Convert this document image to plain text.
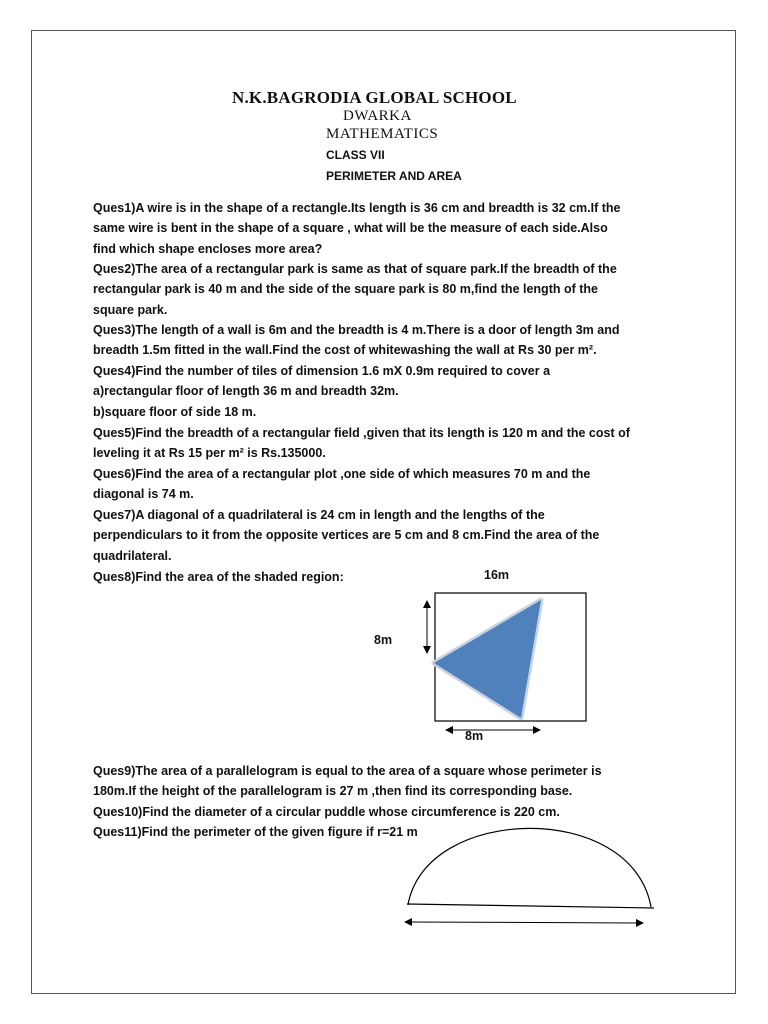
N.K.BAGRODIA GLOBAL SCHOOL
DWARKA
MATHEMATICS
CLASS VII
PERIMETER AND AREA
Ques1)A wire is in the shape of a rectangle.Its length is 36 cm and breadth is 32 cm.If the
same wire is bent in the shape of a square , what will be the measure of each side.Also
find which shape encloses more area?
Ques2)The area of a rectangular park is same as that of square park.If the breadth of the
rectangular park is 40 m and the side of the square park is 80 m,find the length of the
square park.
Ques3)The length of a wall is 6m and the breadth is 4 m.There is a door of length 3m and
breadth 1.5m fitted in the wall.Find the cost of whitewashing the wall at Rs 30 per m².
Ques4)Find the number of tiles of dimension 1.6 mX 0.9m required to cover a
a)rectangular floor of length 36 m and breadth 32m.
b)square floor of side 18 m.
Ques5)Find the breadth of a rectangular field ,given that its length is 120 m and the cost of
leveling it at Rs 15 per m² is Rs.135000.
Ques6)Find the area of a rectangular plot ,one side of which measures 70 m and the
diagonal is 74 m.
Ques7)A diagonal of a quadrilateral is 24 cm in length and the lengths of the
perpendiculars to it from the opposite vertices are 5 cm and 8 cm.Find the area of the
quadrilateral.
Ques8)Find the area of the shaded region:	16m
8m
8m
Ques9)The area of a parallelogram is equal to the area of a square whose perimeter is
180m.If the height of the parallelogram is 27 m ,then find its corresponding base.
Ques10)Find the diameter of a circular puddle whose circumference is 220 cm.
Ques11)Find the perimeter of the given figure if r=21 m
